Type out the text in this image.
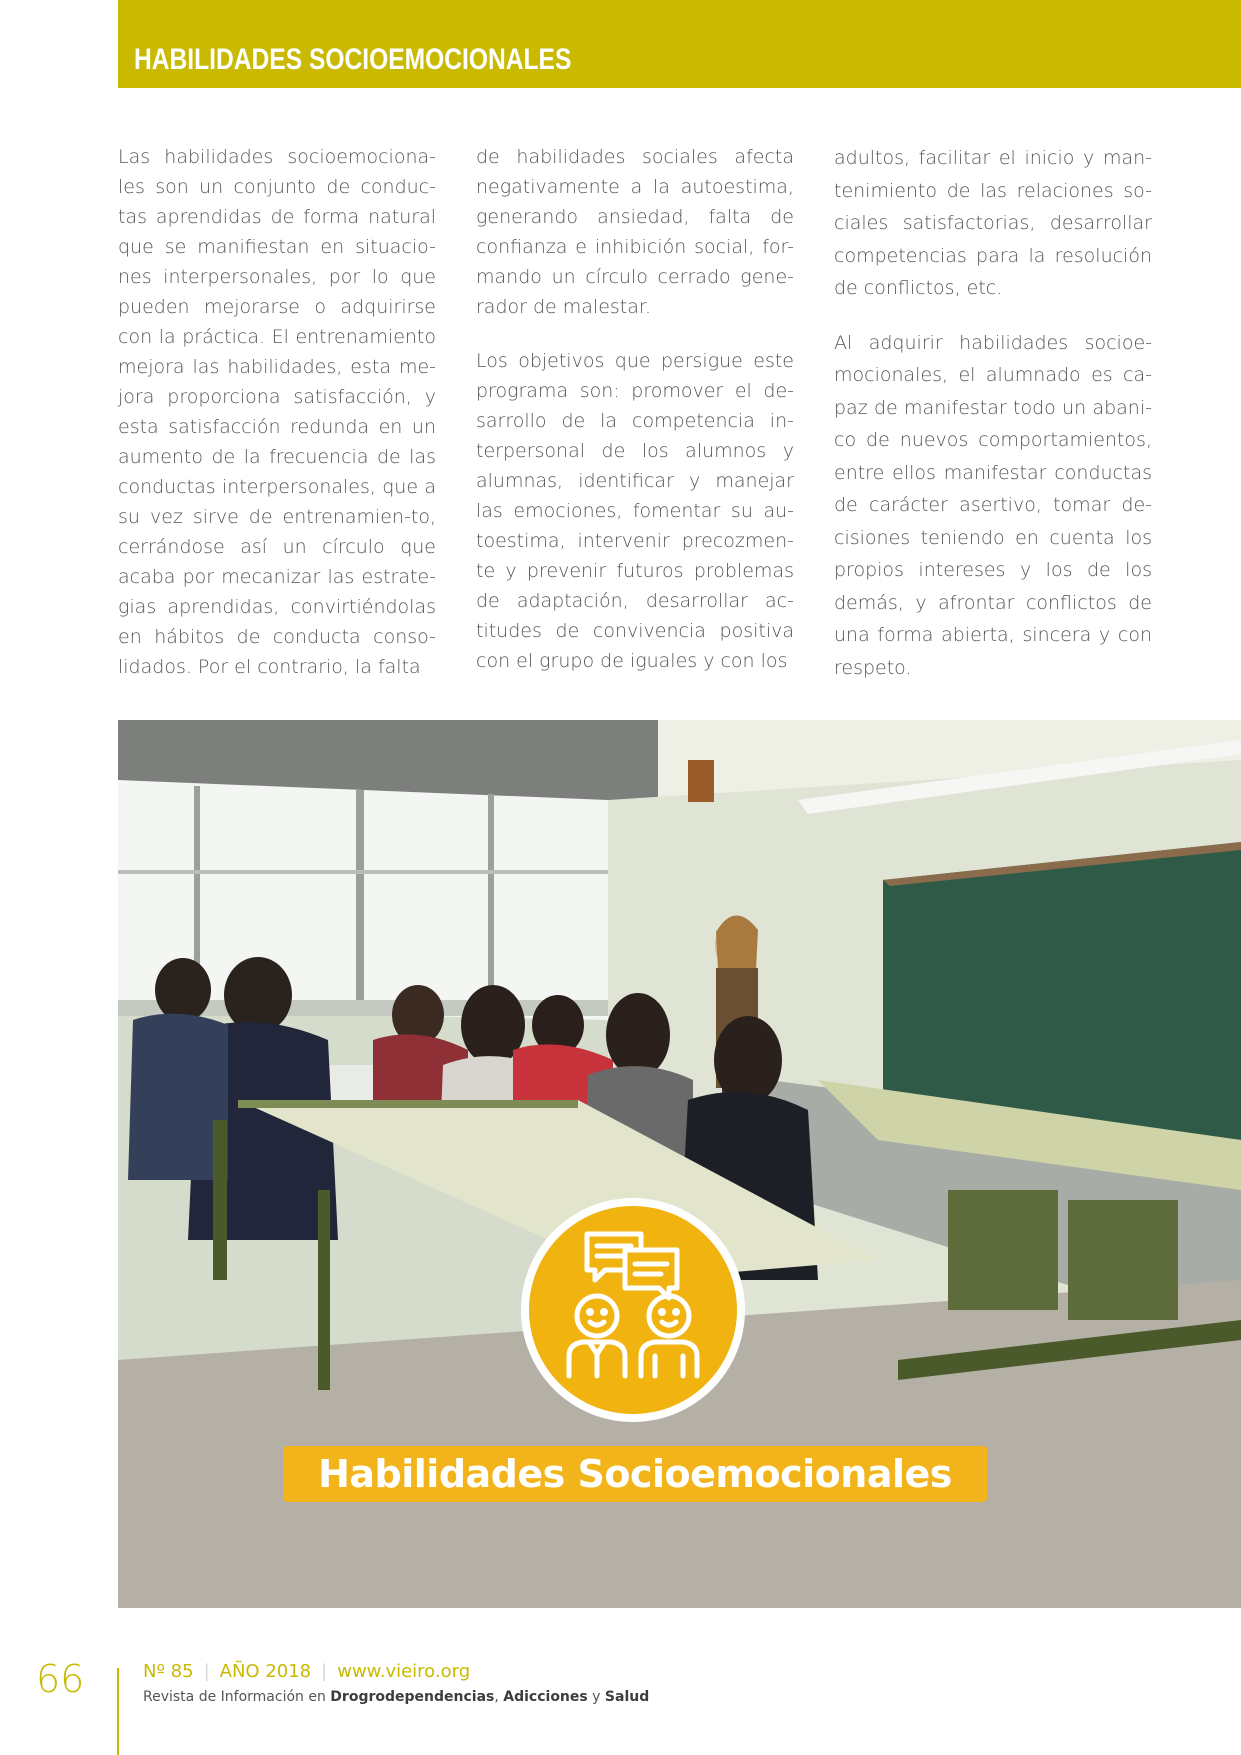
HABILIDADES SOCIOEMOCIONALES

Las habilidades socioemociona-les son un conjunto de conduc-tas aprendidas de forma natural que se manifiestan en situacio-nes interpersonales, por lo que pueden mejorarse o adquirirse con la práctica. El entrenamiento mejora las habilidades, esta me-jora proporciona satisfacción, y esta satisfacción redunda en un aumento de la frecuencia de las conductas interpersonales, que a su vez sirve de entrenamien-to, cerrándose así un círculo que acaba por mecanizar las estrate-gias aprendidas, convirtiéndolas en hábitos de conducta conso-lidados. Por el contrario, la falta

de habilidades sociales afecta negativamente a la autoestima, generando ansiedad, falta de confianza e inhibición social, for-mando un círculo cerrado gene-rador de malestar.

Los objetivos que persigue este programa son: promover el de-sarrollo de la competencia in-terpersonal de los alumnos y alumnas, identificar y manejar las emociones, fomentar su au-toestima, intervenir precozmen-te y prevenir futuros problemas de adaptación, desarrollar ac-titudes de convivencia positiva con el grupo de iguales y con los

adultos, facilitar el inicio y man-tenimiento de las relaciones so-ciales satisfactorias, desarrollar competencias para la resolución de conflictos, etc.

Al adquirir habilidades socioe-mocionales, el alumnado es ca-paz de manifestar todo un abani-co de nuevos comportamientos, entre ellos manifestar conductas de carácter asertivo, tomar de-cisiones teniendo en cuenta los propios intereses y los de los demás, y afrontar conflictos de una forma abierta, sincera y con respeto.

Habilidades Socioemocionales
66	Nº 85 | AÑO 2018 | www.vieiro.org
Revista de Información en Drogrodependencias, Adicciones y Salud
